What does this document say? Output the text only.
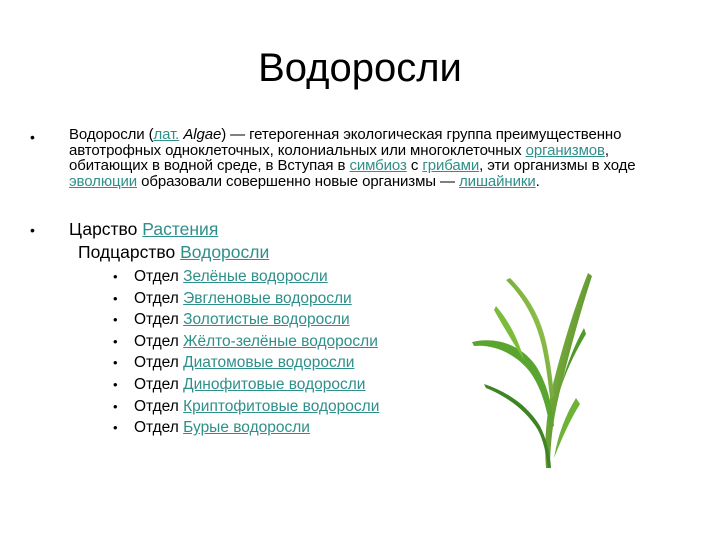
Водоросли
• Водоросли (лат. Algae) — гетерогенная экологическая группа преимущественно автотрофных одноклеточных, колониальных или многоклеточных организмов, обитающих в водной среде, в Вступая в симбиоз с грибами, эти организмы в ходе эволюции образовали совершенно новые организмы — лишайники.
• Царство Растения
Подцарство Водоросли
• Отдел Зелёные водоросли
• Отдел Эвгленовые водоросли
• Отдел Золотистые водоросли
• Отдел Жёлто-зелёные водоросли
• Отдел Диатомовые водоросли
• Отдел Динофитовые водоросли
• Отдел Криптофитовые водоросли
• Отдел Бурые водоросли
